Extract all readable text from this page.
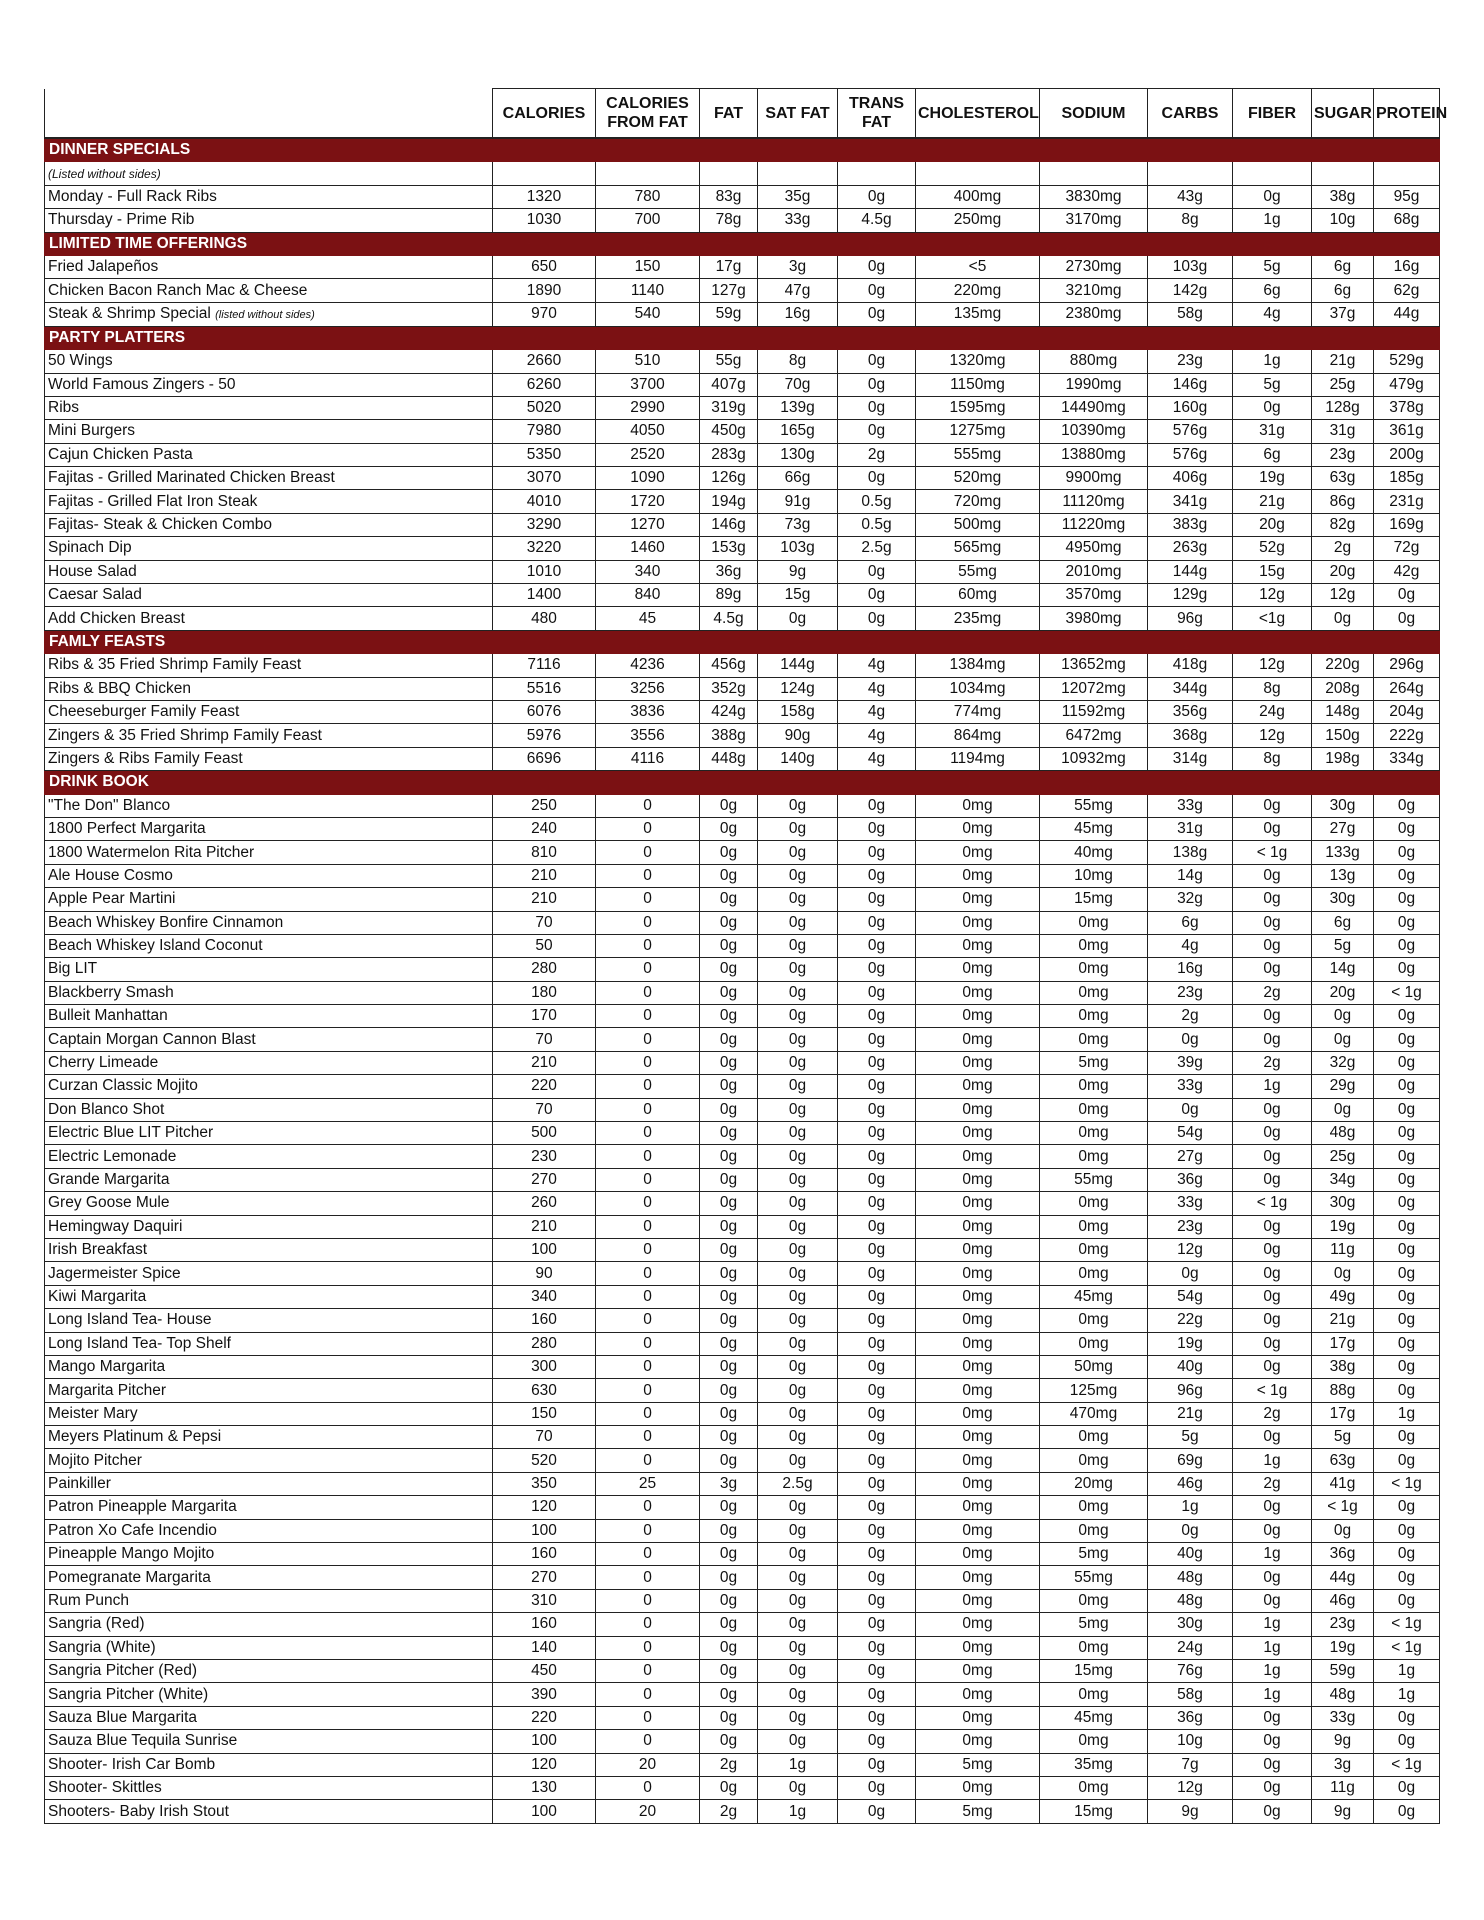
	CALORIES	CALORIES FROM FAT	FAT	SAT FAT	TRANS FAT	CHOLESTEROL	SODIUM	CARBS	FIBER	SUGAR	PROTEIN
DINNER SPECIALS											
(Listed without sides)											
Monday - Full Rack Ribs	1320	780	83g	35g	0g	400mg	3830mg	43g	0g	38g	95g
Thursday - Prime Rib	1030	700	78g	33g	4.5g	250mg	3170mg	8g	1g	10g	68g
LIMITED TIME OFFERINGS											
Fried Jalapeños	650	150	17g	3g	0g	<5	2730mg	103g	5g	6g	16g
Chicken Bacon Ranch Mac & Cheese	1890	1140	127g	47g	0g	220mg	3210mg	142g	6g	6g	62g
Steak & Shrimp Special (listed without sides)	970	540	59g	16g	0g	135mg	2380mg	58g	4g	37g	44g
PARTY PLATTERS											
50 Wings	2660	510	55g	8g	0g	1320mg	880mg	23g	1g	21g	529g
World Famous Zingers - 50	6260	3700	407g	70g	0g	1150mg	1990mg	146g	5g	25g	479g
Ribs	5020	2990	319g	139g	0g	1595mg	14490mg	160g	0g	128g	378g
Mini Burgers	7980	4050	450g	165g	0g	1275mg	10390mg	576g	31g	31g	361g
Cajun Chicken Pasta	5350	2520	283g	130g	2g	555mg	13880mg	576g	6g	23g	200g
Fajitas - Grilled Marinated Chicken Breast	3070	1090	126g	66g	0g	520mg	9900mg	406g	19g	63g	185g
Fajitas - Grilled Flat Iron Steak	4010	1720	194g	91g	0.5g	720mg	11120mg	341g	21g	86g	231g
Fajitas- Steak & Chicken Combo	3290	1270	146g	73g	0.5g	500mg	11220mg	383g	20g	82g	169g
Spinach Dip	3220	1460	153g	103g	2.5g	565mg	4950mg	263g	52g	2g	72g
House Salad	1010	340	36g	9g	0g	55mg	2010mg	144g	15g	20g	42g
Caesar Salad	1400	840	89g	15g	0g	60mg	3570mg	129g	12g	12g	0g
Add Chicken Breast	480	45	4.5g	0g	0g	235mg	3980mg	96g	<1g	0g	0g
FAMLY FEASTS											
Ribs & 35 Fried Shrimp Family Feast	7116	4236	456g	144g	4g	1384mg	13652mg	418g	12g	220g	296g
Ribs & BBQ Chicken	5516	3256	352g	124g	4g	1034mg	12072mg	344g	8g	208g	264g
Cheeseburger Family Feast	6076	3836	424g	158g	4g	774mg	11592mg	356g	24g	148g	204g
Zingers & 35 Fried Shrimp Family Feast	5976	3556	388g	90g	4g	864mg	6472mg	368g	12g	150g	222g
Zingers & Ribs Family Feast	6696	4116	448g	140g	4g	1194mg	10932mg	314g	8g	198g	334g
DRINK BOOK											
"The Don" Blanco	250	0	0g	0g	0g	0mg	55mg	33g	0g	30g	0g
1800 Perfect Margarita	240	0	0g	0g	0g	0mg	45mg	31g	0g	27g	0g
1800 Watermelon Rita Pitcher	810	0	0g	0g	0g	0mg	40mg	138g	< 1g	133g	0g
Ale House Cosmo	210	0	0g	0g	0g	0mg	10mg	14g	0g	13g	0g
Apple Pear Martini	210	0	0g	0g	0g	0mg	15mg	32g	0g	30g	0g
Beach Whiskey Bonfire Cinnamon	70	0	0g	0g	0g	0mg	0mg	6g	0g	6g	0g
Beach Whiskey Island Coconut	50	0	0g	0g	0g	0mg	0mg	4g	0g	5g	0g
Big LIT	280	0	0g	0g	0g	0mg	0mg	16g	0g	14g	0g
Blackberry Smash	180	0	0g	0g	0g	0mg	0mg	23g	2g	20g	< 1g
Bulleit Manhattan	170	0	0g	0g	0g	0mg	0mg	2g	0g	0g	0g
Captain Morgan Cannon Blast	70	0	0g	0g	0g	0mg	0mg	0g	0g	0g	0g
Cherry Limeade	210	0	0g	0g	0g	0mg	5mg	39g	2g	32g	0g
Curzan Classic Mojito	220	0	0g	0g	0g	0mg	0mg	33g	1g	29g	0g
Don Blanco Shot	70	0	0g	0g	0g	0mg	0mg	0g	0g	0g	0g
Electric Blue LIT Pitcher	500	0	0g	0g	0g	0mg	0mg	54g	0g	48g	0g
Electric Lemonade	230	0	0g	0g	0g	0mg	0mg	27g	0g	25g	0g
Grande Margarita	270	0	0g	0g	0g	0mg	55mg	36g	0g	34g	0g
Grey Goose Mule	260	0	0g	0g	0g	0mg	0mg	33g	< 1g	30g	0g
Hemingway Daquiri	210	0	0g	0g	0g	0mg	0mg	23g	0g	19g	0g
Irish Breakfast	100	0	0g	0g	0g	0mg	0mg	12g	0g	11g	0g
Jagermeister Spice	90	0	0g	0g	0g	0mg	0mg	0g	0g	0g	0g
Kiwi Margarita	340	0	0g	0g	0g	0mg	45mg	54g	0g	49g	0g
Long Island Tea- House	160	0	0g	0g	0g	0mg	0mg	22g	0g	21g	0g
Long Island Tea- Top Shelf	280	0	0g	0g	0g	0mg	0mg	19g	0g	17g	0g
Mango Margarita	300	0	0g	0g	0g	0mg	50mg	40g	0g	38g	0g
Margarita Pitcher	630	0	0g	0g	0g	0mg	125mg	96g	< 1g	88g	0g
Meister Mary	150	0	0g	0g	0g	0mg	470mg	21g	2g	17g	1g
Meyers Platinum & Pepsi	70	0	0g	0g	0g	0mg	0mg	5g	0g	5g	0g
Mojito Pitcher	520	0	0g	0g	0g	0mg	0mg	69g	1g	63g	0g
Painkiller	350	25	3g	2.5g	0g	0mg	20mg	46g	2g	41g	< 1g
Patron Pineapple Margarita	120	0	0g	0g	0g	0mg	0mg	1g	0g	< 1g	0g
Patron Xo Cafe Incendio	100	0	0g	0g	0g	0mg	0mg	0g	0g	0g	0g
Pineapple Mango Mojito	160	0	0g	0g	0g	0mg	5mg	40g	1g	36g	0g
Pomegranate Margarita	270	0	0g	0g	0g	0mg	55mg	48g	0g	44g	0g
Rum Punch	310	0	0g	0g	0g	0mg	0mg	48g	0g	46g	0g
Sangria (Red)	160	0	0g	0g	0g	0mg	5mg	30g	1g	23g	< 1g
Sangria (White)	140	0	0g	0g	0g	0mg	0mg	24g	1g	19g	< 1g
Sangria Pitcher (Red)	450	0	0g	0g	0g	0mg	15mg	76g	1g	59g	1g
Sangria Pitcher (White)	390	0	0g	0g	0g	0mg	0mg	58g	1g	48g	1g
Sauza Blue Margarita	220	0	0g	0g	0g	0mg	45mg	36g	0g	33g	0g
Sauza Blue Tequila Sunrise	100	0	0g	0g	0g	0mg	0mg	10g	0g	9g	0g
Shooter- Irish Car Bomb	120	20	2g	1g	0g	5mg	35mg	7g	0g	3g	< 1g
Shooter- Skittles	130	0	0g	0g	0g	0mg	0mg	12g	0g	11g	0g
Shooters- Baby Irish Stout	100	20	2g	1g	0g	5mg	15mg	9g	0g	9g	0g
